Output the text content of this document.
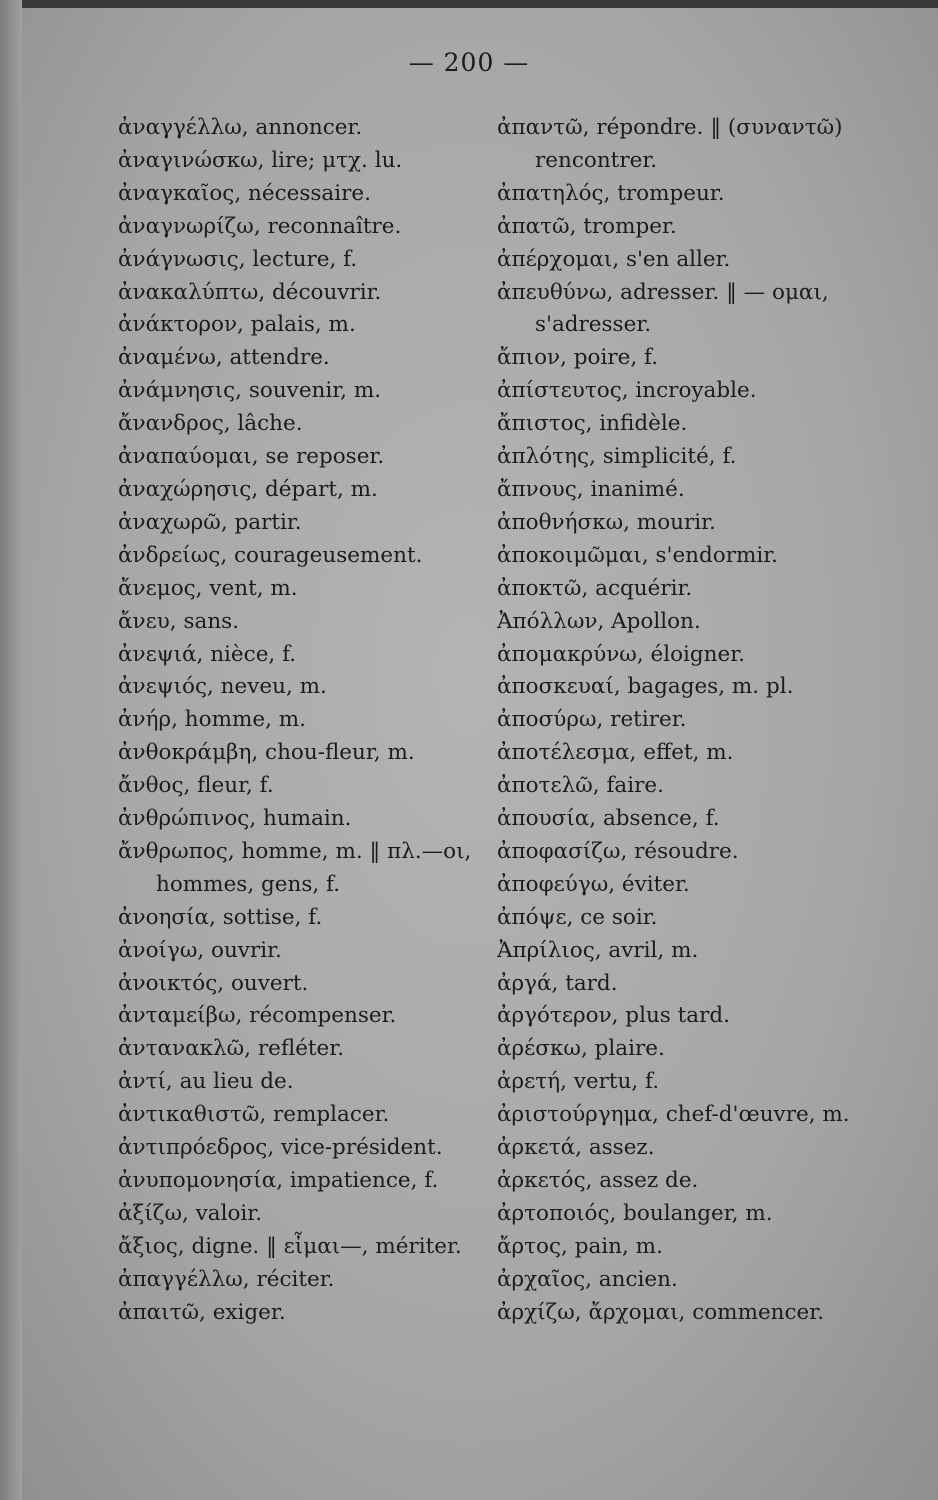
— 200 —
ἀναγγέλλω, annoncer.
ἀναγινώσκω, lire; μτχ. lu.
ἀναγκαῖος, nécessaire.
ἀναγνωρίζω, reconnaître.
ἀνάγνωσις, lecture, f.
ἀνακαλύπτω, découvrir.
ἀνάκτορον, palais, m.
ἀναμένω, attendre.
ἀνάμνησις, souvenir, m.
ἄνανδρος, lâche.
ἀναπαύομαι, se reposer.
ἀναχώρησις, départ, m.
ἀναχωρῶ, partir.
ἀνδρείως, courageusement.
ἄνεμος, vent, m.
ἄνευ, sans.
ἀνεψιά, nièce, f.
ἀνεψιός, neveu, m.
ἀνήρ, homme, m.
ἀνθοκράμβη, chou-fleur, m.
ἄνθος, fleur, f.
ἀνθρώπινος, humain.
ἄνθρωπος, homme, m. ‖ πλ.—οι,
hommes, gens, f.
ἀνοησία, sottise, f.
ἀνοίγω, ouvrir.
ἀνοικτός, ouvert.
ἀνταμείβω, récompenser.
ἀντανακλῶ, refléter.
ἀντί, au lieu de.
ἀντικαθιστῶ, remplacer.
ἀντιπρόεδρος, vice-président.
ἀνυπομονησία, impatience, f.
ἀξίζω, valoir.
ἄξιος, digne. ‖ εἶμαι—, mériter.
ἀπαγγέλλω, réciter.
ἀπαιτῶ, exiger.
ἀπαντῶ, répondre. ‖ (συναντῶ)
rencontrer.
ἀπατηλός, trompeur.
ἀπατῶ, tromper.
ἀπέρχομαι, s'en aller.
ἀπευθύνω, adresser. ‖ — ομαι,
s'adresser.
ἄπιον, poire, f.
ἀπίστευτος, incroyable.
ἄπιστος, infidèle.
ἀπλότης, simplicité, f.
ἄπνους, inanimé.
ἀποθνήσκω, mourir.
ἀποκοιμῶμαι, s'endormir.
ἀποκτῶ, acquérir.
Ἀπόλλων, Apollon.
ἀπομακρύνω, éloigner.
ἀποσκευαί, bagages, m. pl.
ἀποσύρω, retirer.
ἀποτέλεσμα, effet, m.
ἀποτελῶ, faire.
ἀπουσία, absence, f.
ἀποφασίζω, résoudre.
ἀποφεύγω, éviter.
ἀπόψε, ce soir.
Ἀπρίλιος, avril, m.
ἀργά, tard.
ἀργότερον, plus tard.
ἀρέσκω, plaire.
ἀρετή, vertu, f.
ἀριστούργημα, chef-d'œuvre, m.
ἀρκετά, assez.
ἀρκετός, assez de.
ἀρτοποιός, boulanger, m.
ἄρτος, pain, m.
ἀρχαῖος, ancien.
ἀρχίζω, ἄρχομαι, commencer.
